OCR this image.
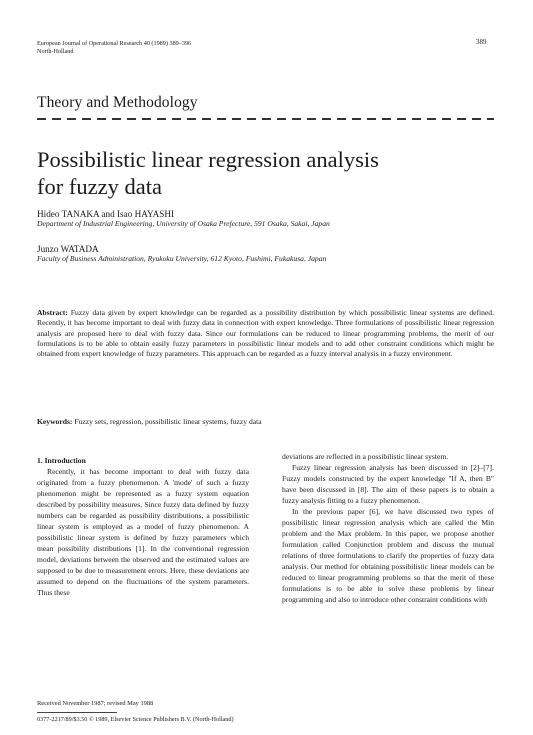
European Journal of Operational Research 40 (1989) 389–396
North-Holland
389
Theory and Methodology
Possibilistic linear regression analysis
for fuzzy data
Hideo TANAKA and Isao HAYASHI
Department of Industrial Engineering, University of Osaka Prefecture, 591 Osaka, Sakai, Japan
Junzo WATADA
Faculty of Business Administration, Ryukoku University, 612 Kyoto, Fushimi, Fukakusa, Japan
Abstract: Fuzzy data given by expert knowledge can be regarded as a possibility distribution by which possibilistic linear systems are defined. Recently, it has become important to deal with fuzzy data in connection with expert knowledge. Three formulations of possibilistic linear regression analysis are proposed here to deal with fuzzy data. Since our formulations can be reduced to linear programming problems, the merit of our formulations is to be able to obtain easily fuzzy parameters in possibilistic linear models and to add other constraint conditions which might be obtained from expert knowledge of fuzzy parameters. This approach can be regarded as a fuzzy interval analysis in a fuzzy environment.
Keywords: Fuzzy sets, regression, possibilistic linear systems, fuzzy data

1. Introduction

Recently, it has become important to deal with fuzzy data originated from a fuzzy phenomenon. A 'mode' of such a fuzzy phenomenon might be represented as a fuzzy system equation described by possibility measures. Since fuzzy data defined by fuzzy numbers can be regarded as possibility distributions, a possibilistic linear system is employed as a model of fuzzy phenomenon. A possibilistic linear system is defined by fuzzy parameters which mean possibility distributions [1]. In the conventional regression model, deviations between the observed and the estimated values are supposed to be due to measurement errors. Here, these deviations are assumed to depend on the fluctuations of the system parameters. Thus these

deviations are reflected in a possibilistic linear system.

Fuzzy linear regression analysis has been discussed in [2]–[7]. Fuzzy models constructed by the expert knowledge "If A, then B" have been discussed in [8]. The aim of these papers is to obtain a fuzzy analysis fitting to a fuzzy phenomenon.

In the previous paper [6], we have discussed two types of possibilistic linear regression analysis which are called the Min problem and the Max problem. In this paper, we propose another formulation called Conjunction problem and discuss the mutual relations of three formulations to clarify the properties of fuzzy data analysis. Our method for obtaining possibilistic linear models can be reduced to linear programming problems so that the merit of these formulations is to be able to solve these problems by linear programming and also to introduce other constraint conditions with

Received November 1987; revised May 1988
0377-2217/89/$3.50 © 1989, Elsevier Science Publishers B.V. (North-Holland)
